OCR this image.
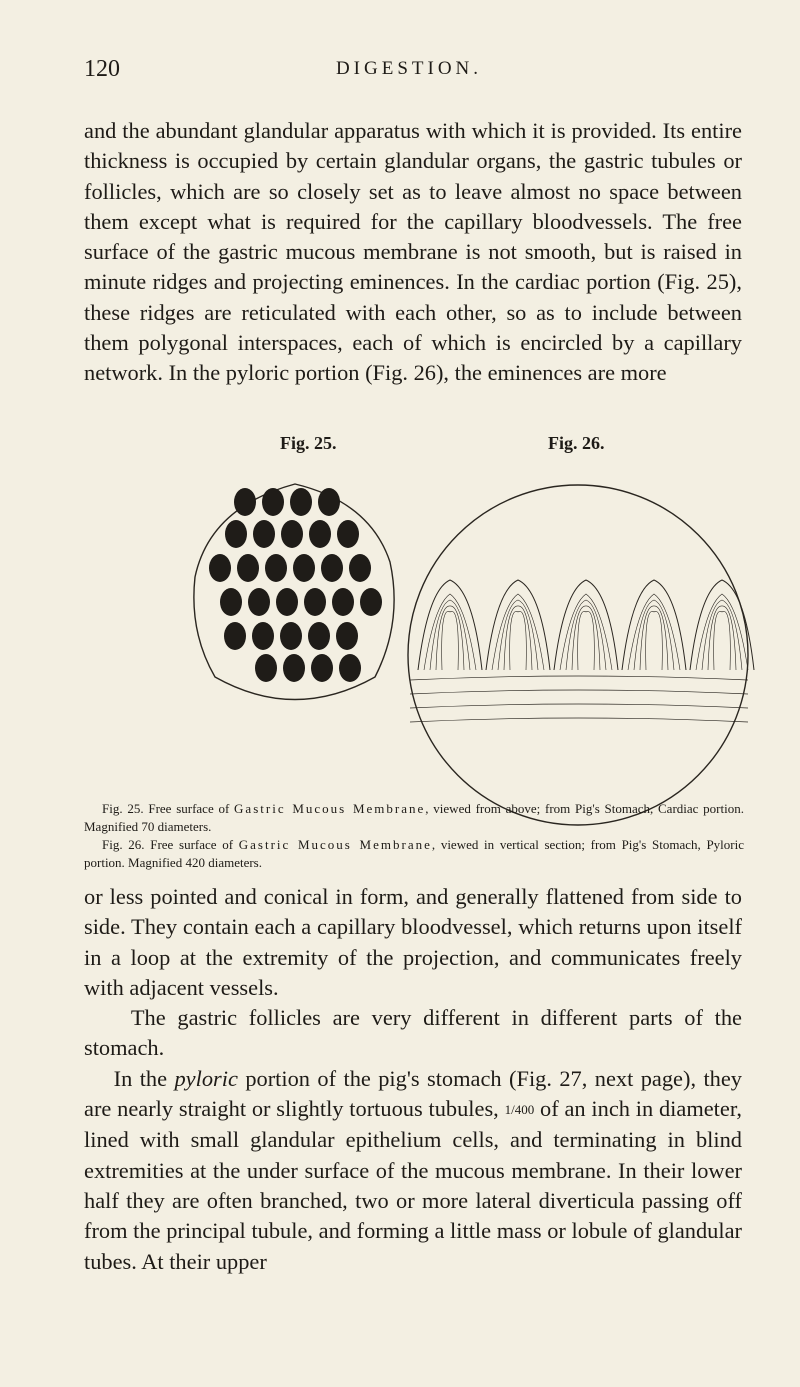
120	DIGESTION.

and the abundant glandular apparatus with which it is provided. Its entire thickness is occupied by certain glandular organs, the gastric tubules or follicles, which are so closely set as to leave almost no space between them except what is required for the capillary bloodvessels. The free surface of the gastric mucous membrane is not smooth, but is raised in minute ridges and projecting eminences. In the cardiac portion (Fig. 25), these ridges are reticulated with each other, so as to include between them polygonal interspaces, each of which is encircled by a capillary network. In the pyloric portion (Fig. 26), the eminences are more

Fig. 25.	Fig. 26.

Fig. 25. Free surface of Gastric Mucous Membrane, viewed from above; from Pig's Stomach, Cardiac portion. Magnified 70 diameters.

Fig. 26. Free surface of Gastric Mucous Membrane, viewed in vertical section; from Pig's Stomach, Pyloric portion. Magnified 420 diameters.

or less pointed and conical in form, and generally flattened from side to side. They contain each a capillary bloodvessel, which returns upon itself in a loop at the extremity of the projection, and communicates freely with adjacent vessels.
The gastric follicles are very different in different parts of the stomach.
In the pyloric portion of the pig's stomach (Fig. 27, next page), they are nearly straight or slightly tortuous tubules, 1/400 of an inch in diameter, lined with small glandular epithelium cells, and terminating in blind extremities at the under surface of the mucous membrane. In their lower half they are often branched, two or more lateral diverticula passing off from the principal tubule, and forming a little mass or lobule of glandular tubes. At their upper
